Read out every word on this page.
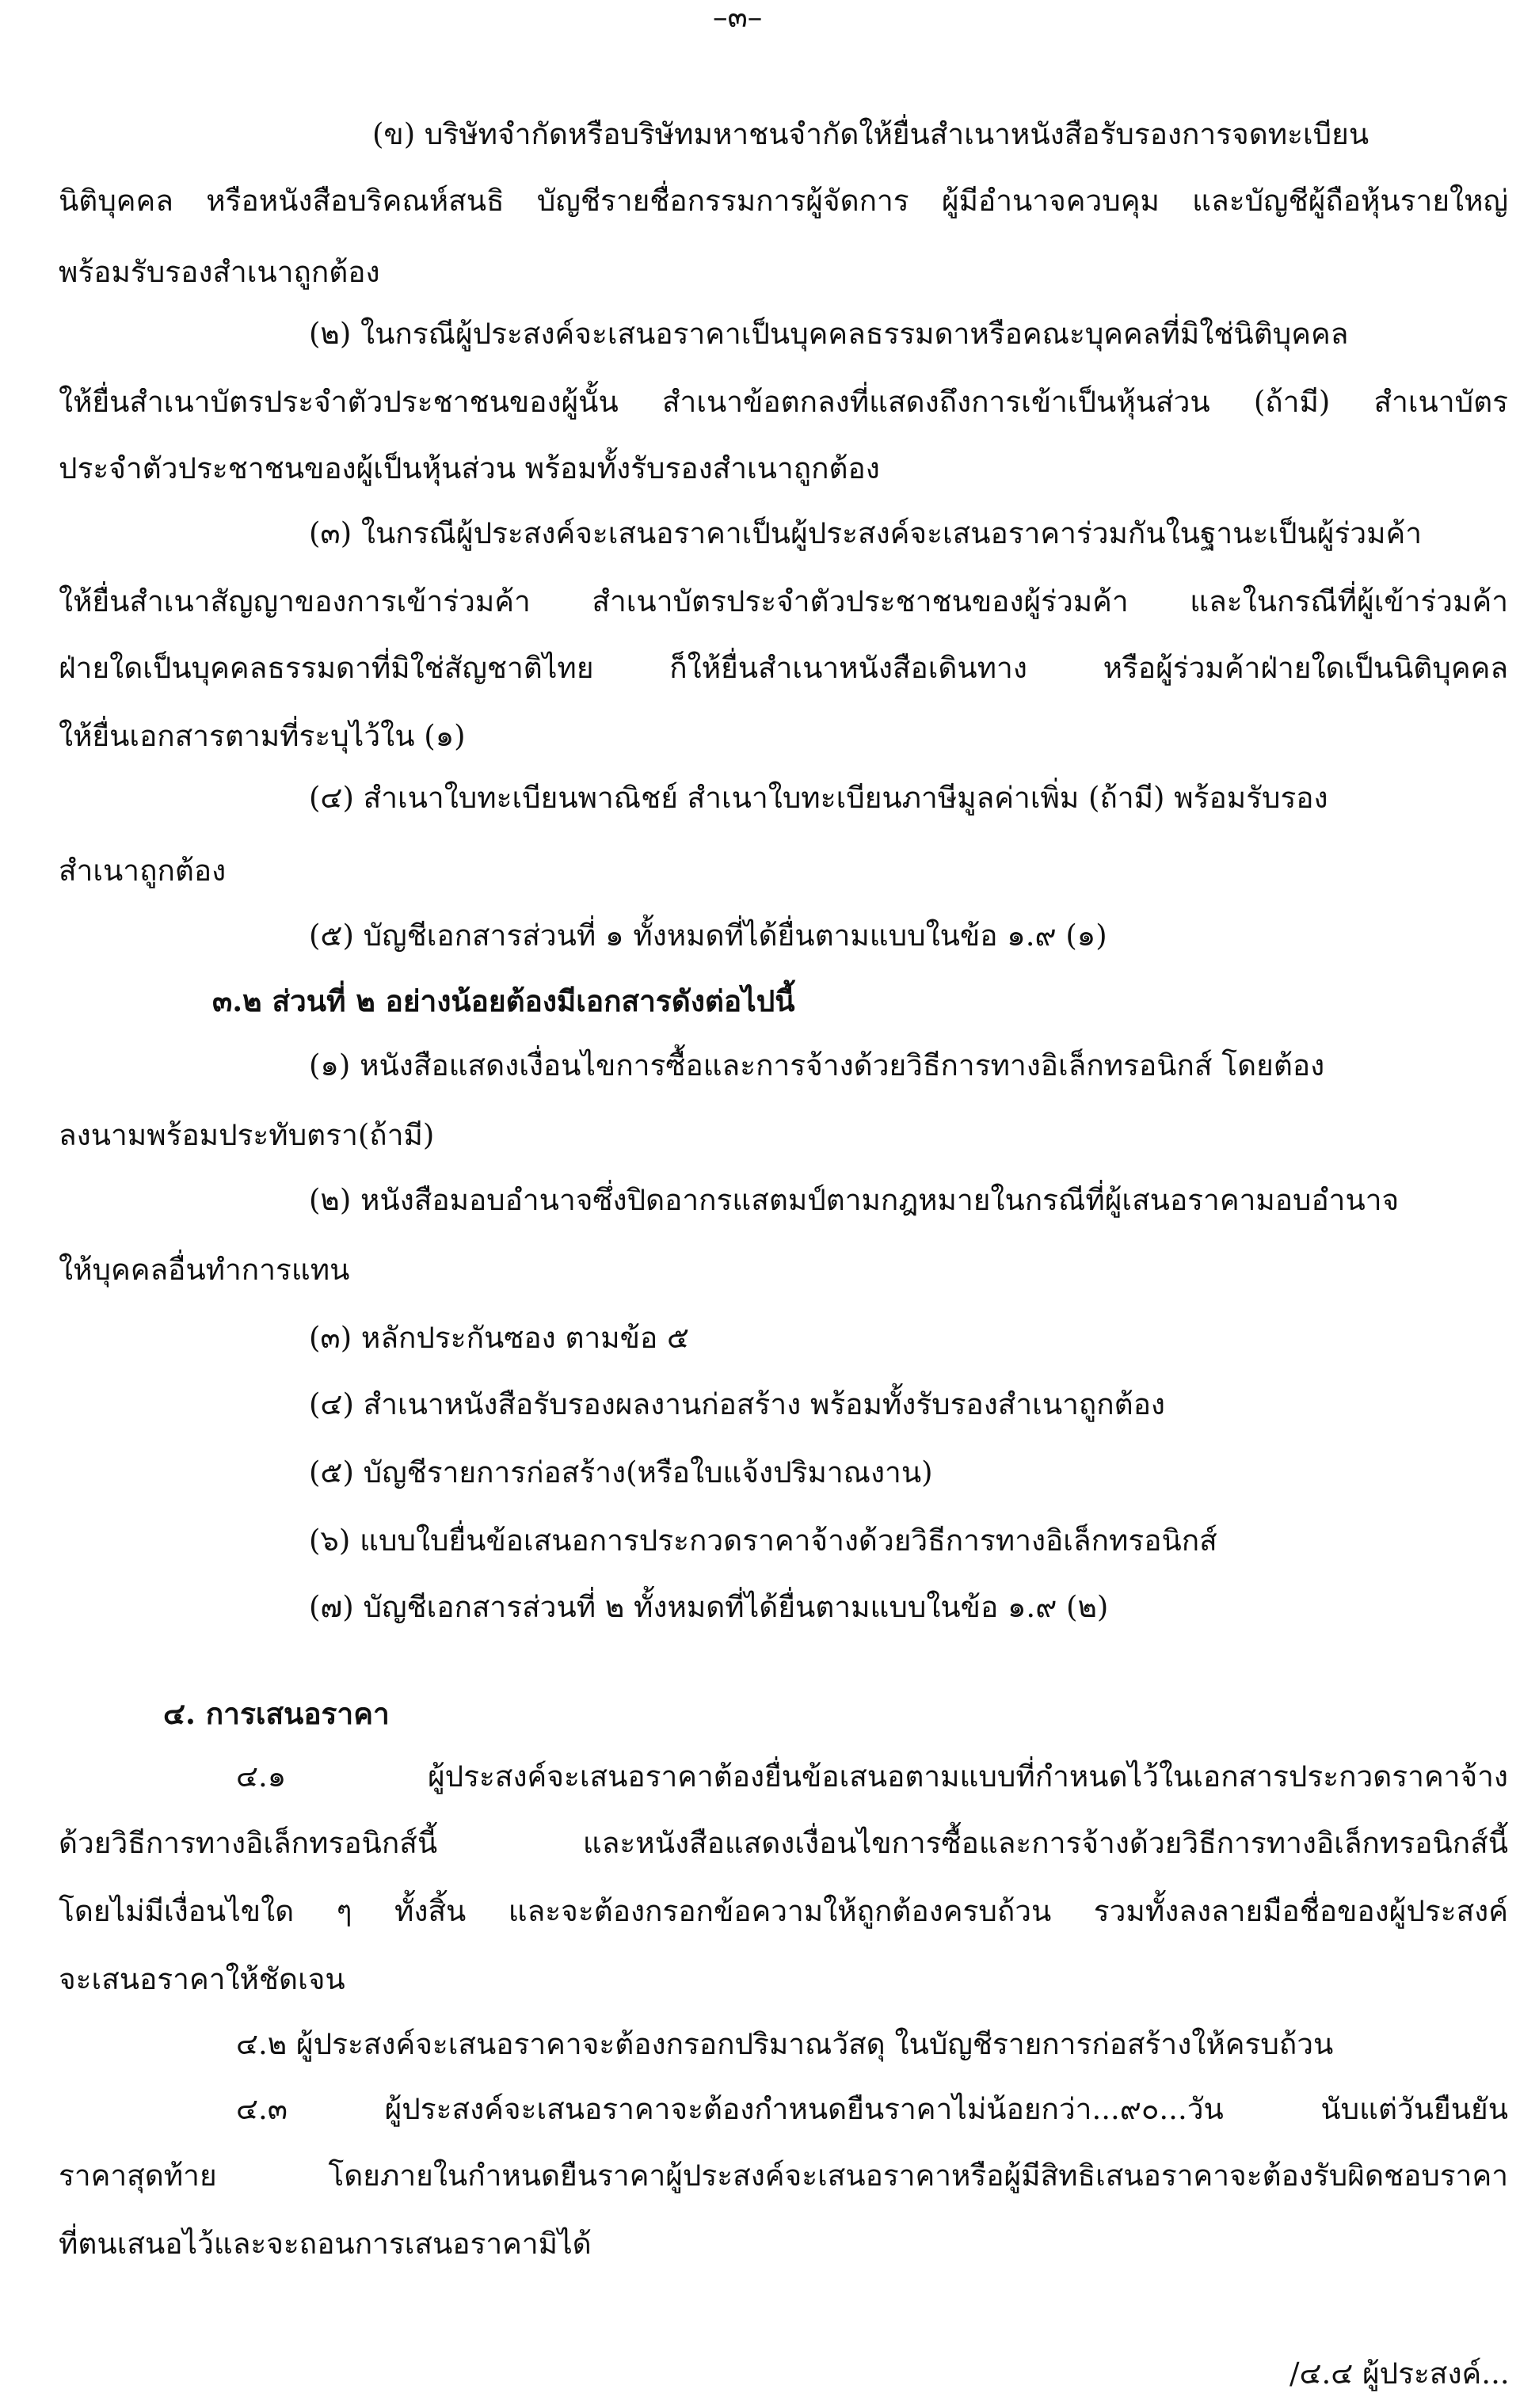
–๓–
(ข) บริษัทจำกัดหรือบริษัทมหาชนจำกัดให้ยื่นสำเนาหนังสือรับรองการจดทะเบียน
นิติบุคคล หรือหนังสือบริคณห์สนธิ บัญชีรายชื่อกรรมการผู้จัดการ ผู้มีอำนาจควบคุม และบัญชีผู้ถือหุ้นรายใหญ่
พร้อมรับรองสำเนาถูกต้อง
(๒) ในกรณีผู้ประสงค์จะเสนอราคาเป็นบุคคลธรรมดาหรือคณะบุคคลที่มิใช่นิติบุคคล
ให้ยื่นสำเนาบัตรประจำตัวประชาชนของผู้นั้น สำเนาข้อตกลงที่แสดงถึงการเข้าเป็นหุ้นส่วน (ถ้ามี) สำเนาบัตร
ประจำตัวประชาชนของผู้เป็นหุ้นส่วน พร้อมทั้งรับรองสำเนาถูกต้อง
(๓) ในกรณีผู้ประสงค์จะเสนอราคาเป็นผู้ประสงค์จะเสนอราคาร่วมกันในฐานะเป็นผู้ร่วมค้า
ให้ยื่นสำเนาสัญญาของการเข้าร่วมค้า สำเนาบัตรประจำตัวประชาชนของผู้ร่วมค้า และในกรณีที่ผู้เข้าร่วมค้า
ฝ่ายใดเป็นบุคคลธรรมดาที่มิใช่สัญชาติไทย ก็ให้ยื่นสำเนาหนังสือเดินทาง หรือผู้ร่วมค้าฝ่ายใดเป็นนิติบุคคล
ให้ยื่นเอกสารตามที่ระบุไว้ใน (๑)
(๔) สำเนาใบทะเบียนพาณิชย์ สำเนาใบทะเบียนภาษีมูลค่าเพิ่ม (ถ้ามี) พร้อมรับรอง
สำเนาถูกต้อง
(๕) บัญชีเอกสารส่วนที่ ๑ ทั้งหมดที่ได้ยื่นตามแบบในข้อ ๑.๙ (๑)
๓.๒ ส่วนที่ ๒ อย่างน้อยต้องมีเอกสารดังต่อไปนี้
(๑) หนังสือแสดงเงื่อนไขการซื้อและการจ้างด้วยวิธีการทางอิเล็กทรอนิกส์ โดยต้อง
ลงนามพร้อมประทับตรา(ถ้ามี)
(๒) หนังสือมอบอำนาจซึ่งปิดอากรแสตมป์ตามกฎหมายในกรณีที่ผู้เสนอราคามอบอำนาจ
ให้บุคคลอื่นทำการแทน
(๓) หลักประกันซอง ตามข้อ ๕
(๔) สำเนาหนังสือรับรองผลงานก่อสร้าง พร้อมทั้งรับรองสำเนาถูกต้อง
(๕) บัญชีรายการก่อสร้าง(หรือใบแจ้งปริมาณงาน)
(๖) แบบใบยื่นข้อเสนอการประกวดราคาจ้างด้วยวิธีการทางอิเล็กทรอนิกส์
(๗) บัญชีเอกสารส่วนที่ ๒ ทั้งหมดที่ได้ยื่นตามแบบในข้อ ๑.๙ (๒)
๔. การเสนอราคา
๔.๑ ผู้ประสงค์จะเสนอราคาต้องยื่นข้อเสนอตามแบบที่กำหนดไว้ในเอกสารประกวดราคาจ้าง
ด้วยวิธีการทางอิเล็กทรอนิกส์นี้ และหนังสือแสดงเงื่อนไขการซื้อและการจ้างด้วยวิธีการทางอิเล็กทรอนิกส์นี้
โดยไม่มีเงื่อนไขใด ๆ ทั้งสิ้น และจะต้องกรอกข้อความให้ถูกต้องครบถ้วน รวมทั้งลงลายมือชื่อของผู้ประสงค์
จะเสนอราคาให้ชัดเจน
๔.๒ ผู้ประสงค์จะเสนอราคาจะต้องกรอกปริมาณวัสดุ ในบัญชีรายการก่อสร้างให้ครบถ้วน
๔.๓ ผู้ประสงค์จะเสนอราคาจะต้องกำหนดยืนราคาไม่น้อยกว่า...๙๐...วัน นับแต่วันยืนยัน
ราคาสุดท้าย โดยภายในกำหนดยืนราคาผู้ประสงค์จะเสนอราคาหรือผู้มีสิทธิเสนอราคาจะต้องรับผิดชอบราคา
ที่ตนเสนอไว้และจะถอนการเสนอราคามิได้
/๔.๔ ผู้ประสงค์...
